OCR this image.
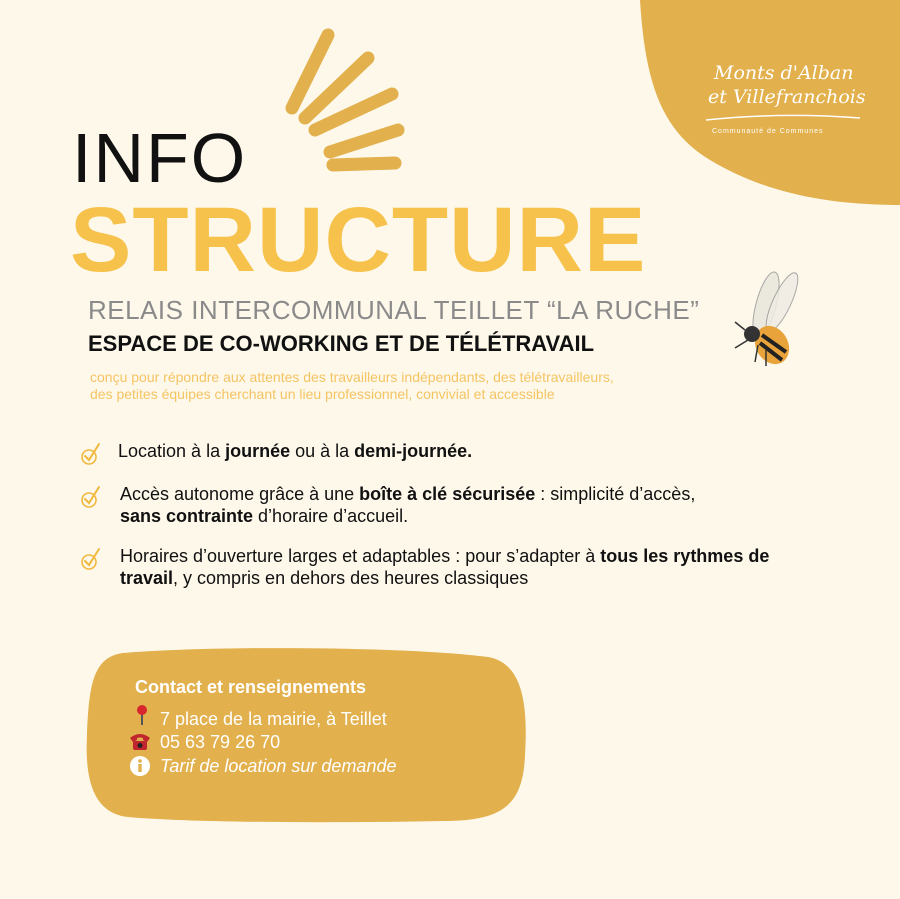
Monts d'Alban
et Villefranchois
Communauté de Communes
INFO
STRUCTURE
RELAIS INTERCOMMUNAL TEILLET “LA RUCHE”
ESPACE DE CO-WORKING ET DE TÉLÉTRAVAIL
conçu pour répondre aux attentes des travailleurs indépendants, des télétravailleurs,
des petites équipes cherchant un lieu professionnel, convivial et accessible
Location à la journée ou à la demi-journée.
Accès autonome grâce à une boîte à clé sécurisée : simplicité d’accès,
sans contrainte d’horaire d’accueil.
Horaires d’ouverture larges et adaptables : pour s’adapter à tous les rythmes de travail, y compris en dehors des heures classiques
Contact et renseignements
7 place de la mairie, à Teillet
05 63 79 26 70
Tarif de location sur demande
